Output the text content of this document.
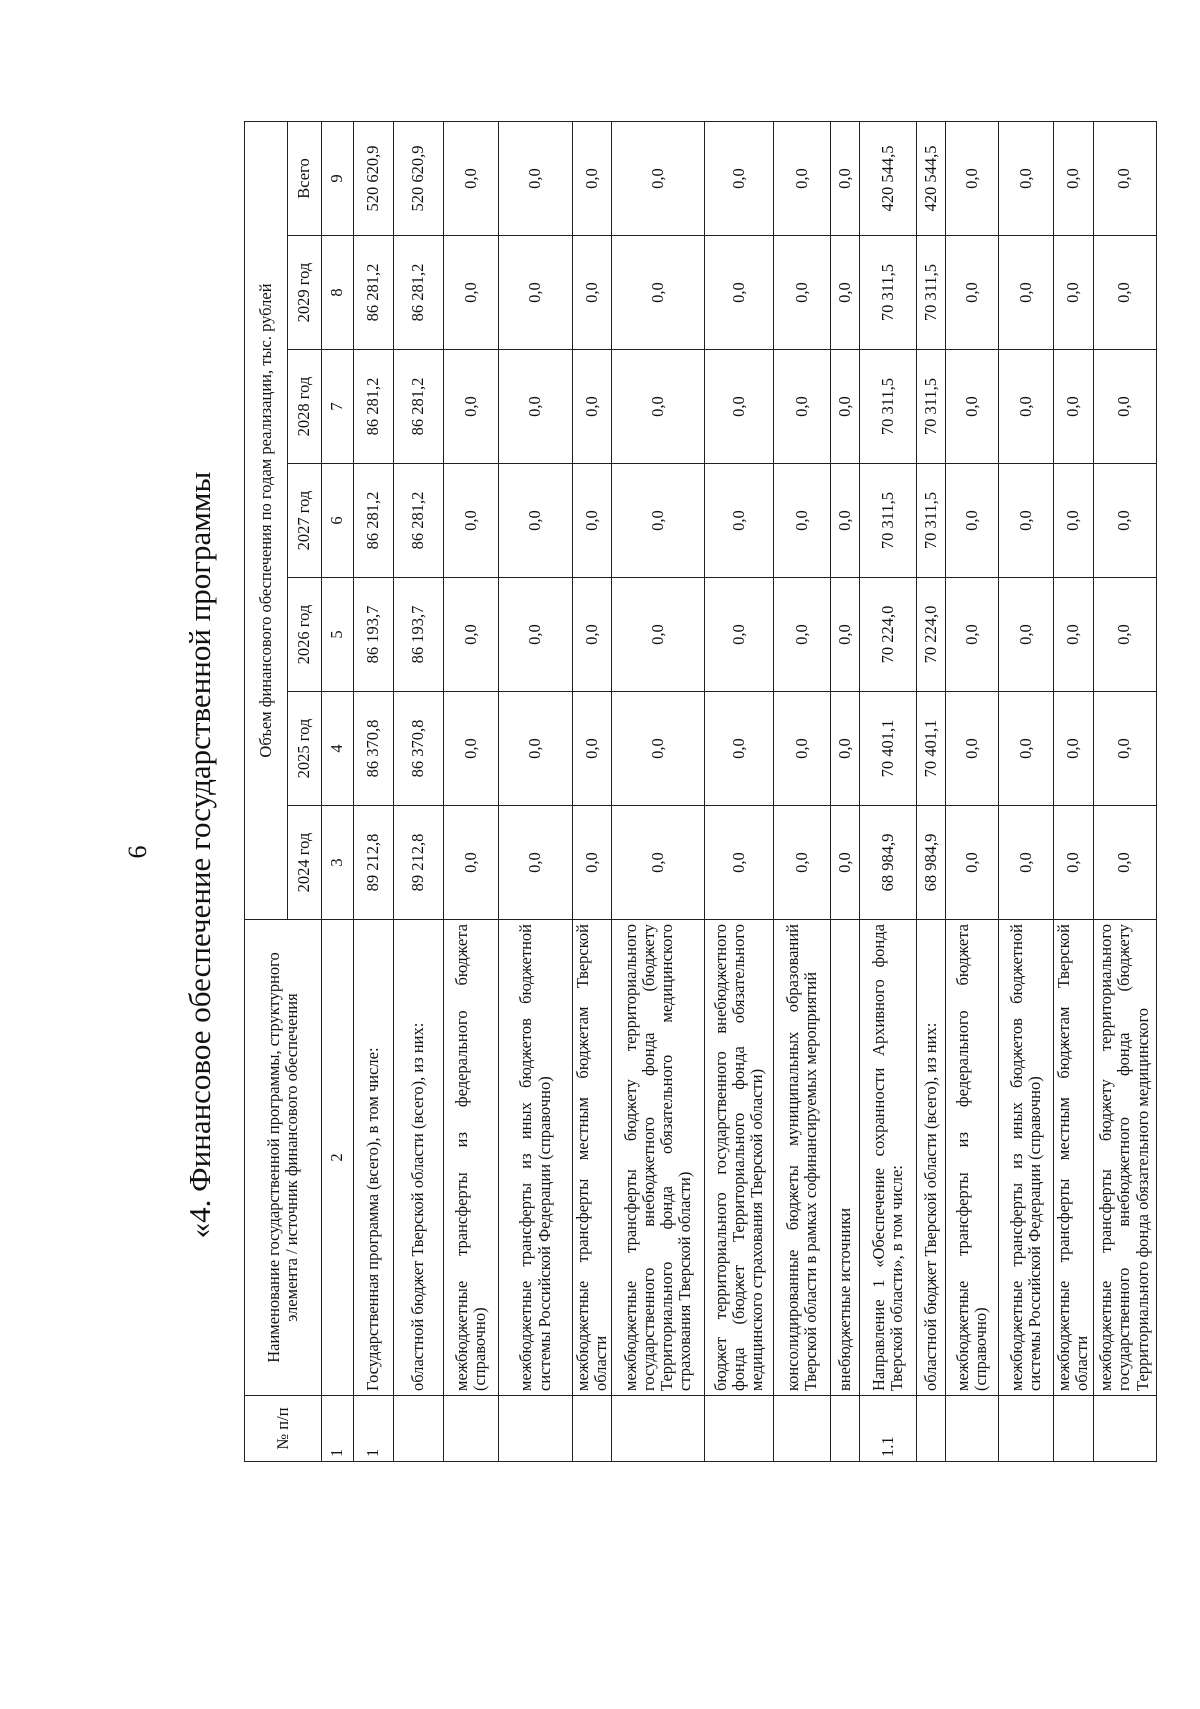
6 «4. Финансовое обеспечение государственной программы
№ п/п	Наименование государственной программы, структурного элемента / источник финансового обеспечения	Объем финансового обеспечения по годам реализации, тыс. рублей						
		2024 год	2025 год	2026 год	2027 год	2028 год	2029 год	Всего
1	2	3	4	5	6	7	8	9
1	Государственная программа (всего), в том числе:	89 212,8	86 370,8	86 193,7	86 281,2	86 281,2	86 281,2	520 620,9
	областной бюджет Тверской области (всего), из них:	89 212,8	86 370,8	86 193,7	86 281,2	86 281,2	86 281,2	520 620,9
	межбюджетные трансферты из федерального бюджета (справочно)	0,0	0,0	0,0	0,0	0,0	0,0	0,0
	межбюджетные трансферты из иных бюджетов бюджетной системы Российской Федерации (справочно)	0,0	0,0	0,0	0,0	0,0	0,0	0,0
	межбюджетные трансферты местным бюджетам Тверской области	0,0	0,0	0,0	0,0	0,0	0,0	0,0
	межбюджетные трансферты бюджету территориального государственного внебюджетного фонда (бюджету Территориального фонда обязательного медицинского страхования Тверской области)	0,0	0,0	0,0	0,0	0,0	0,0	0,0
	бюджет территориального государственного внебюджетного фонда (бюджет Территориального фонда обязательного медицинского страхования Тверской области)	0,0	0,0	0,0	0,0	0,0	0,0	0,0
	консолидированные бюджеты муниципальных образований Тверской области в рамках софинансируемых мероприятий	0,0	0,0	0,0	0,0	0,0	0,0	0,0
	внебюджетные источники	0,0	0,0	0,0	0,0	0,0	0,0	0,0
1.1	Направление 1 «Обеспечение сохранности Архивного фонда Тверской области», в том числе:	68 984,9	70 401,1	70 224,0	70 311,5	70 311,5	70 311,5	420 544,5
	областной бюджет Тверской области (всего), из них:	68 984,9	70 401,1	70 224,0	70 311,5	70 311,5	70 311,5	420 544,5
	межбюджетные трансферты из федерального бюджета (справочно)	0,0	0,0	0,0	0,0	0,0	0,0	0,0
	межбюджетные трансферты из иных бюджетов бюджетной системы Российской Федерации (справочно)	0,0	0,0	0,0	0,0	0,0	0,0	0,0
	межбюджетные трансферты местным бюджетам Тверской области	0,0	0,0	0,0	0,0	0,0	0,0	0,0
	межбюджетные трансферты бюджету территориального государственного внебюджетного фонда (бюджету Территориального фонда обязательного медицинского	0,0	0,0	0,0	0,0	0,0	0,0	0,0
